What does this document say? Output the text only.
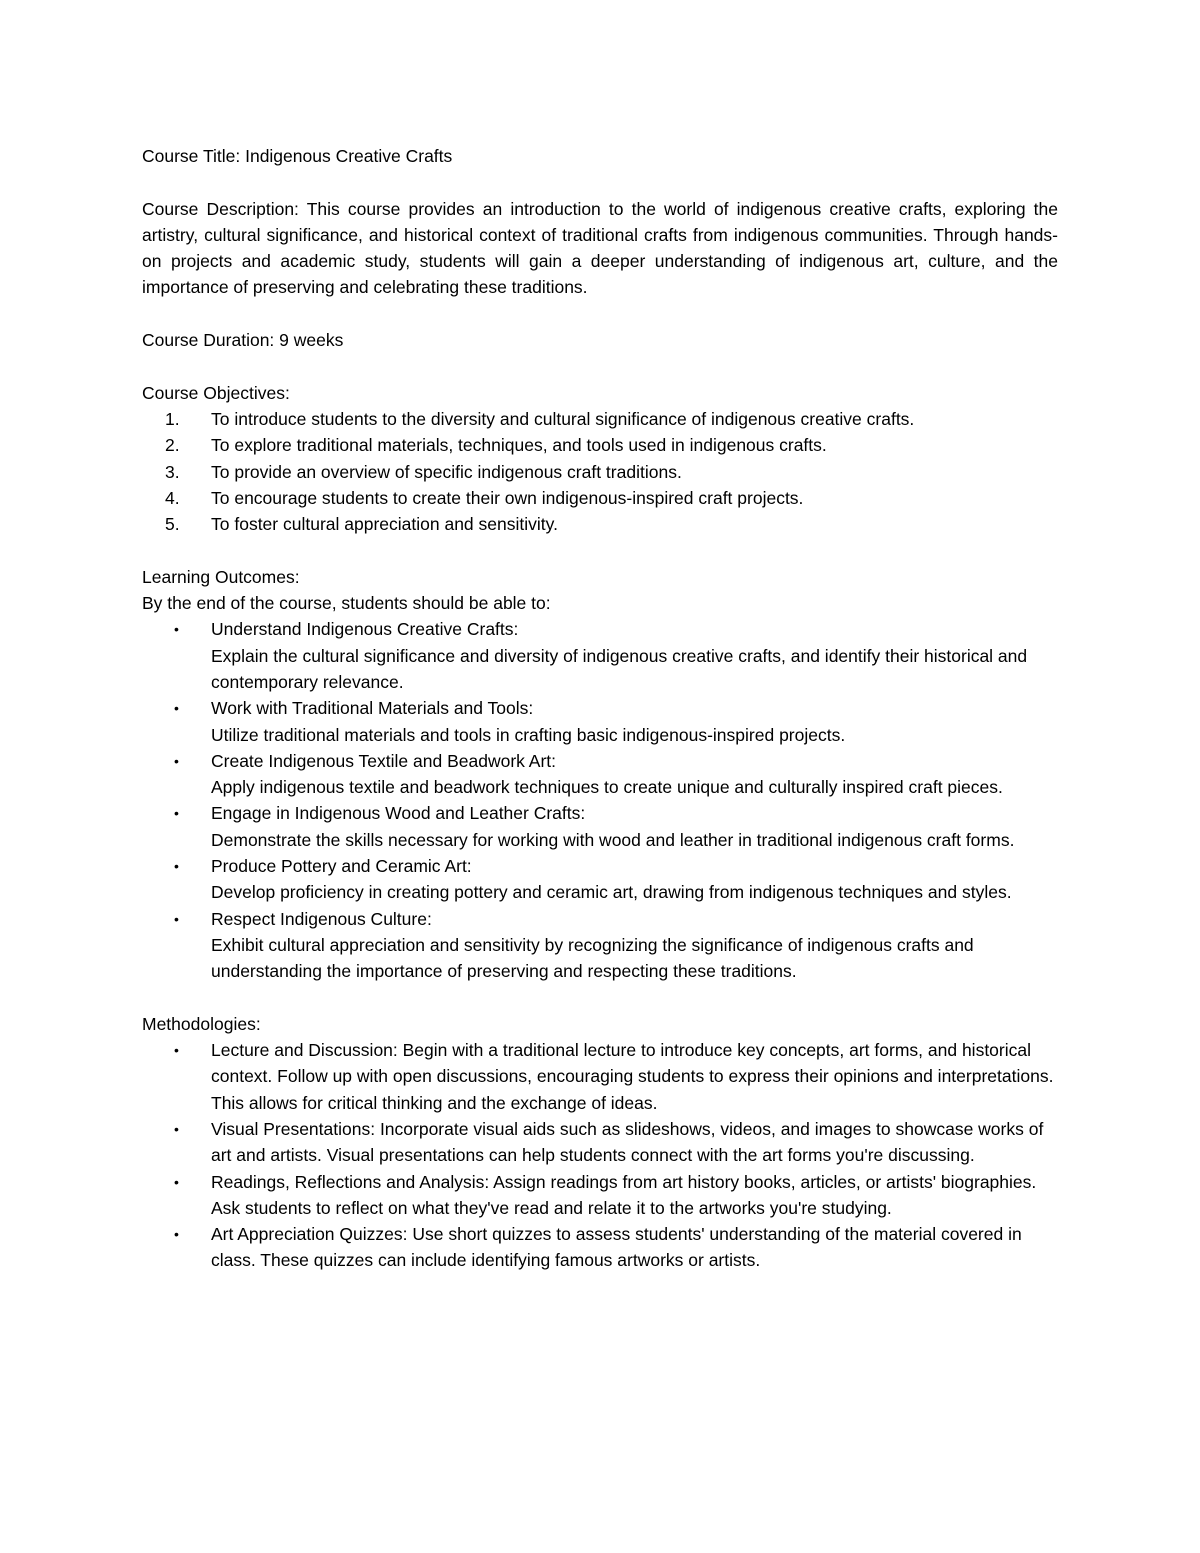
Course Title: Indigenous Creative Crafts

Course Description: This course provides an introduction to the world of indigenous creative crafts, exploring the artistry, cultural significance, and historical context of traditional crafts from indigenous communities. Through hands-on projects and academic study, students will gain a deeper understanding of indigenous art, culture, and the importance of preserving and celebrating these traditions.

Course Duration: 9 weeks

Course Objectives:

1. To introduce students to the diversity and cultural significance of indigenous creative crafts.
2. To explore traditional materials, techniques, and tools used in indigenous crafts.
3. To provide an overview of specific indigenous craft traditions.
4. To encourage students to create their own indigenous-inspired craft projects.
5. To foster cultural appreciation and sensitivity.

Learning Outcomes:

By the end of the course, students should be able to:

• Understand Indigenous Creative Crafts:
Explain the cultural significance and diversity of indigenous creative crafts, and identify their historical and contemporary relevance.
• Work with Traditional Materials and Tools:
Utilize traditional materials and tools in crafting basic indigenous-inspired projects.
• Create Indigenous Textile and Beadwork Art:
Apply indigenous textile and beadwork techniques to create unique and culturally inspired craft pieces.
• Engage in Indigenous Wood and Leather Crafts:
Demonstrate the skills necessary for working with wood and leather in traditional indigenous craft forms.
• Produce Pottery and Ceramic Art:
Develop proficiency in creating pottery and ceramic art, drawing from indigenous techniques and styles.
• Respect Indigenous Culture:
Exhibit cultural appreciation and sensitivity by recognizing the significance of indigenous crafts and understanding the importance of preserving and respecting these traditions.

Methodologies:

• Lecture and Discussion: Begin with a traditional lecture to introduce key concepts, art forms, and historical context. Follow up with open discussions, encouraging students to express their opinions and interpretations. This allows for critical thinking and the exchange of ideas.
• Visual Presentations: Incorporate visual aids such as slideshows, videos, and images to showcase works of art and artists. Visual presentations can help students connect with the art forms you're discussing.
• Readings, Reflections and Analysis: Assign readings from art history books, articles, or artists' biographies. Ask students to reflect on what they've read and relate it to the artworks you're studying.
• Art Appreciation Quizzes: Use short quizzes to assess students' understanding of the material covered in class. These quizzes can include identifying famous artworks or artists.
